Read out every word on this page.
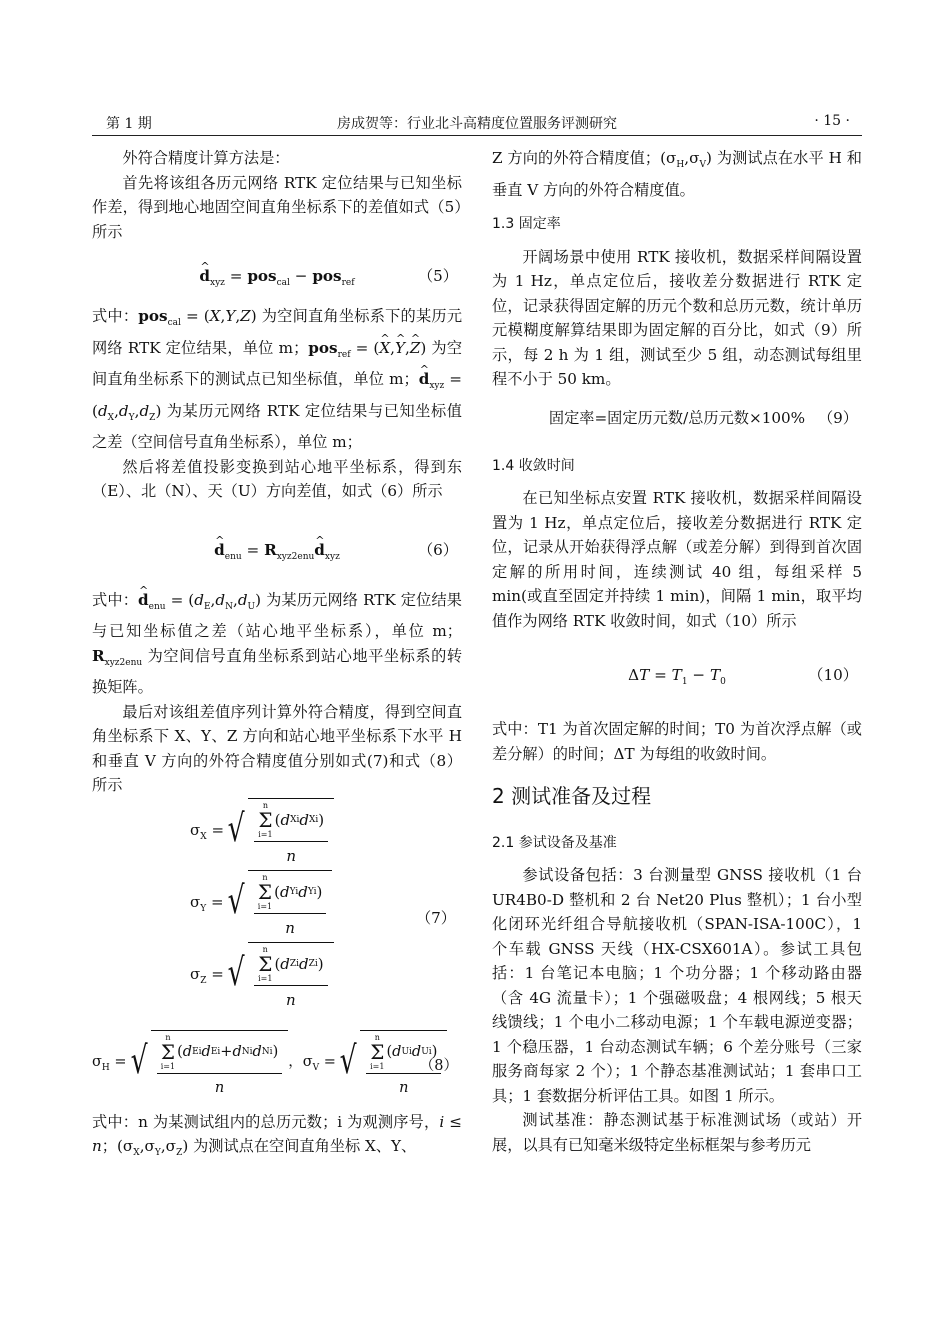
第 1 期	房成贺等：行业北斗高精度位置服务评测研究	· 15 ·

外符合精度计算方法是：

首先将该组各历元网络 RTK 定位结果与已知坐标作差，得到地心地固空间直角坐标系下的差值如式（5）所示

^ $d_{xyz} = pos_{cal} - pos_{ref}$	（5）

式中：pos$_{cal}$ = (X,Y,Z) 为空间直角坐标系下的某历元网络 RTK 定位结果，单位 m；pos$_{ref}$ = (^ X,^ Y,^ Z) 为空间直角坐标系下的测试点已知坐标值，单位 m；^ $d_{xyz} = (d_X,d_Y,d_Z)$ 为某历元网络 RTK 定位结果与已知坐标值之差（空间信号直角坐标系），单位 m；

然后将差值投影变换到站心地平坐标系，得到东（E）、北（N）、天（U）方向差值，如式（6）所示

^ $d_{enu}$ = $R_{xyz2enu}\^{}$ $d_{xyz}$	（6）

式中：^ $d_{enu} = (d_E,d_N,d_U)$ 为某历元网络 RTK 定位结果与已知坐标值之差（站心地平坐标系），单位 m；$R_{xyz2enu}$ 为空间信号直角坐标系到站心地平坐标系的转换矩阵。

最后对该组差值序列计算外符合精度，得到空间直角坐标系下 X、Y、Z 方向和站心地平坐标系下水平 H 和垂直 V 方向的外符合精度值分别如式(7)和式（8）所示

$\sigma_X$ = √ n
Σ
i=1
( d Xi d Xi )
n
$\sigma_Y$ = √ n
Σ
i=1
( d Yi d Yi )
n
$\sigma_Z$ = √ n
Σ
i=1
( d Zi d Zi )
n
（7）
$\sigma_H$ = √ n
Σ
i=1
( d Ei d Ei + d Ni d Ni )
n ，$\sigma_V$ = √ n
Σ
i=1
( d Ui d Ui )
n
（8）

式中：n 为某测试组内的总历元数；i 为观测序号，i ≤ n；$(\sigma_X,\sigma_Y,\sigma_Z)$ 为测试点在空间直角坐标 X、Y、

Z 方向的外符合精度值；$(\sigma_H,\sigma_V)$ 为测试点在水平 H 和垂直 V 方向的外符合精度值。

1.3 固定率

开阔场景中使用 RTK 接收机，数据采样间隔设置为 1 Hz，单点定位后，接收差分数据进行 RTK 定位，记录获得固定解的历元个数和总历元数，统计单历元模糊度解算结果即为固定解的百分比，如式（9）所示，每 2 h 为 1 组，测试至少 5 组，动态测试每组里程不小于 50 km。

固定率=固定历元数/总历元数×100% （9）
1.4 收敛时间

在已知坐标点安置 RTK 接收机，数据采样间隔设置为 1 Hz，单点定位后，接收差分数据进行 RTK 定位，记录从开始获得浮点解（或差分解）到得到首次固定解的所用时间，连续测试 40 组，每组采样 5 min(或直至固定并持续 1 min)，间隔 1 min，取平均值作为网络 RTK 收敛时间，如式（10）所示

$\Delta T = T_1 - T_0$	（10）

式中：T1 为首次固定解的时间；T0 为首次浮点解（或差分解）的时间；ΔT 为每组的收敛时间。

2 测试准备及过程
2.1 参试设备及基准

参试设备包括：3 台测量型 GNSS 接收机（1 台 UR4B0-D 整机和 2 台 Net20 Plus 整机）；1 台小型化闭环光纤组合导航接收机（SPAN-ISA-100C），1 个车载 GNSS 天线（HX-CSX601A）。参试工具包括：1 台笔记本电脑；1 个功分器；1 个移动路由器（含 4G 流量卡）；1 个强磁吸盘；4 根网线；5 根天线馈线；1 个电小二移动电源；1 个车载电源逆变器；1 个稳压器，1 台动态测试车辆；6 个差分账号（三家服务商每家 2 个）；1 个静态基准测试站；1 套串口工具；1 套数据分析评估工具。如图 1 所示。

测试基准：静态测试基于标准测试场（或站）开展，以具有已知毫米级特定坐标框架与参考历元
